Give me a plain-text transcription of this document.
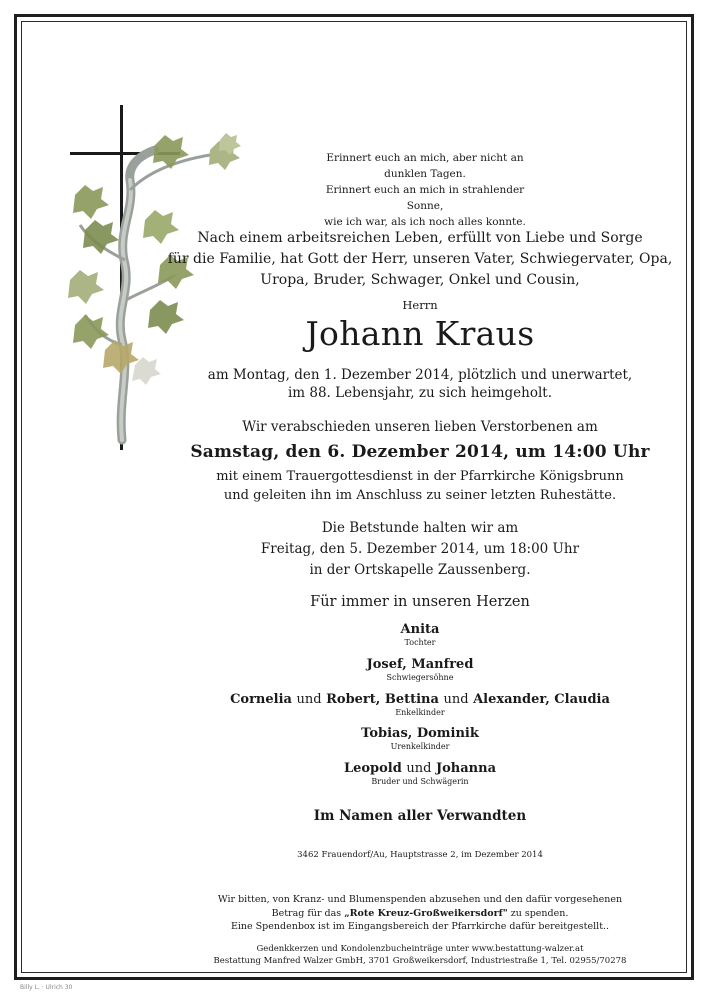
Erinnert euch an mich, aber nicht an dunklen Tagen.
Erinnert euch an mich in strahlender Sonne,
wie ich war, als ich noch alles konnte.
Nach einem arbeitsreichen Leben, erfüllt von Liebe und Sorge
für die Familie, hat Gott der Herr, unseren Vater, Schwiegervater, Opa,
Uropa, Bruder, Schwager, Onkel und Cousin,
Herrn
Johann Kraus
am Montag, den 1. Dezember 2014, plötzlich und unerwartet,
im 88. Lebensjahr, zu sich heimgeholt.
Wir verabschieden unseren lieben Verstorbenen am
Samstag, den 6. Dezember 2014, um 14:00 Uhr
mit einem Trauergottesdienst in der Pfarrkirche Königsbrunn
und geleiten ihn im Anschluss zu seiner letzten Ruhestätte.
Die Betstunde halten wir am
Freitag, den 5. Dezember 2014, um 18:00 Uhr
in der Ortskapelle Zaussenberg.
Für immer in unseren Herzen
Anita
Tochter
Josef, Manfred
Schwiegersöhne
Cornelia und Robert, Bettina und Alexander, Claudia
Enkelkinder
Tobias, Dominik
Urenkelkinder
Leopold und Johanna
Bruder und Schwägerin
Im Namen aller Verwandten
3462 Frauendorf/Au, Hauptstrasse 2, im Dezember 2014
Wir bitten, von Kranz- und Blumenspenden abzusehen und den dafür vorgesehenen
Betrag für das „Rote Kreuz-Großweikersdorf" zu spenden.
Eine Spendenbox ist im Eingangsbereich der Pfarrkirche dafür bereitgestellt..
Gedenkkerzen und Kondolenzbucheinträge unter www.bestattung-walzer.at
Bestattung Manfred Walzer GmbH, 3701 Großweikersdorf, Industriestraße 1, Tel. 02955/70278
Billy L. · Ulrich 30
